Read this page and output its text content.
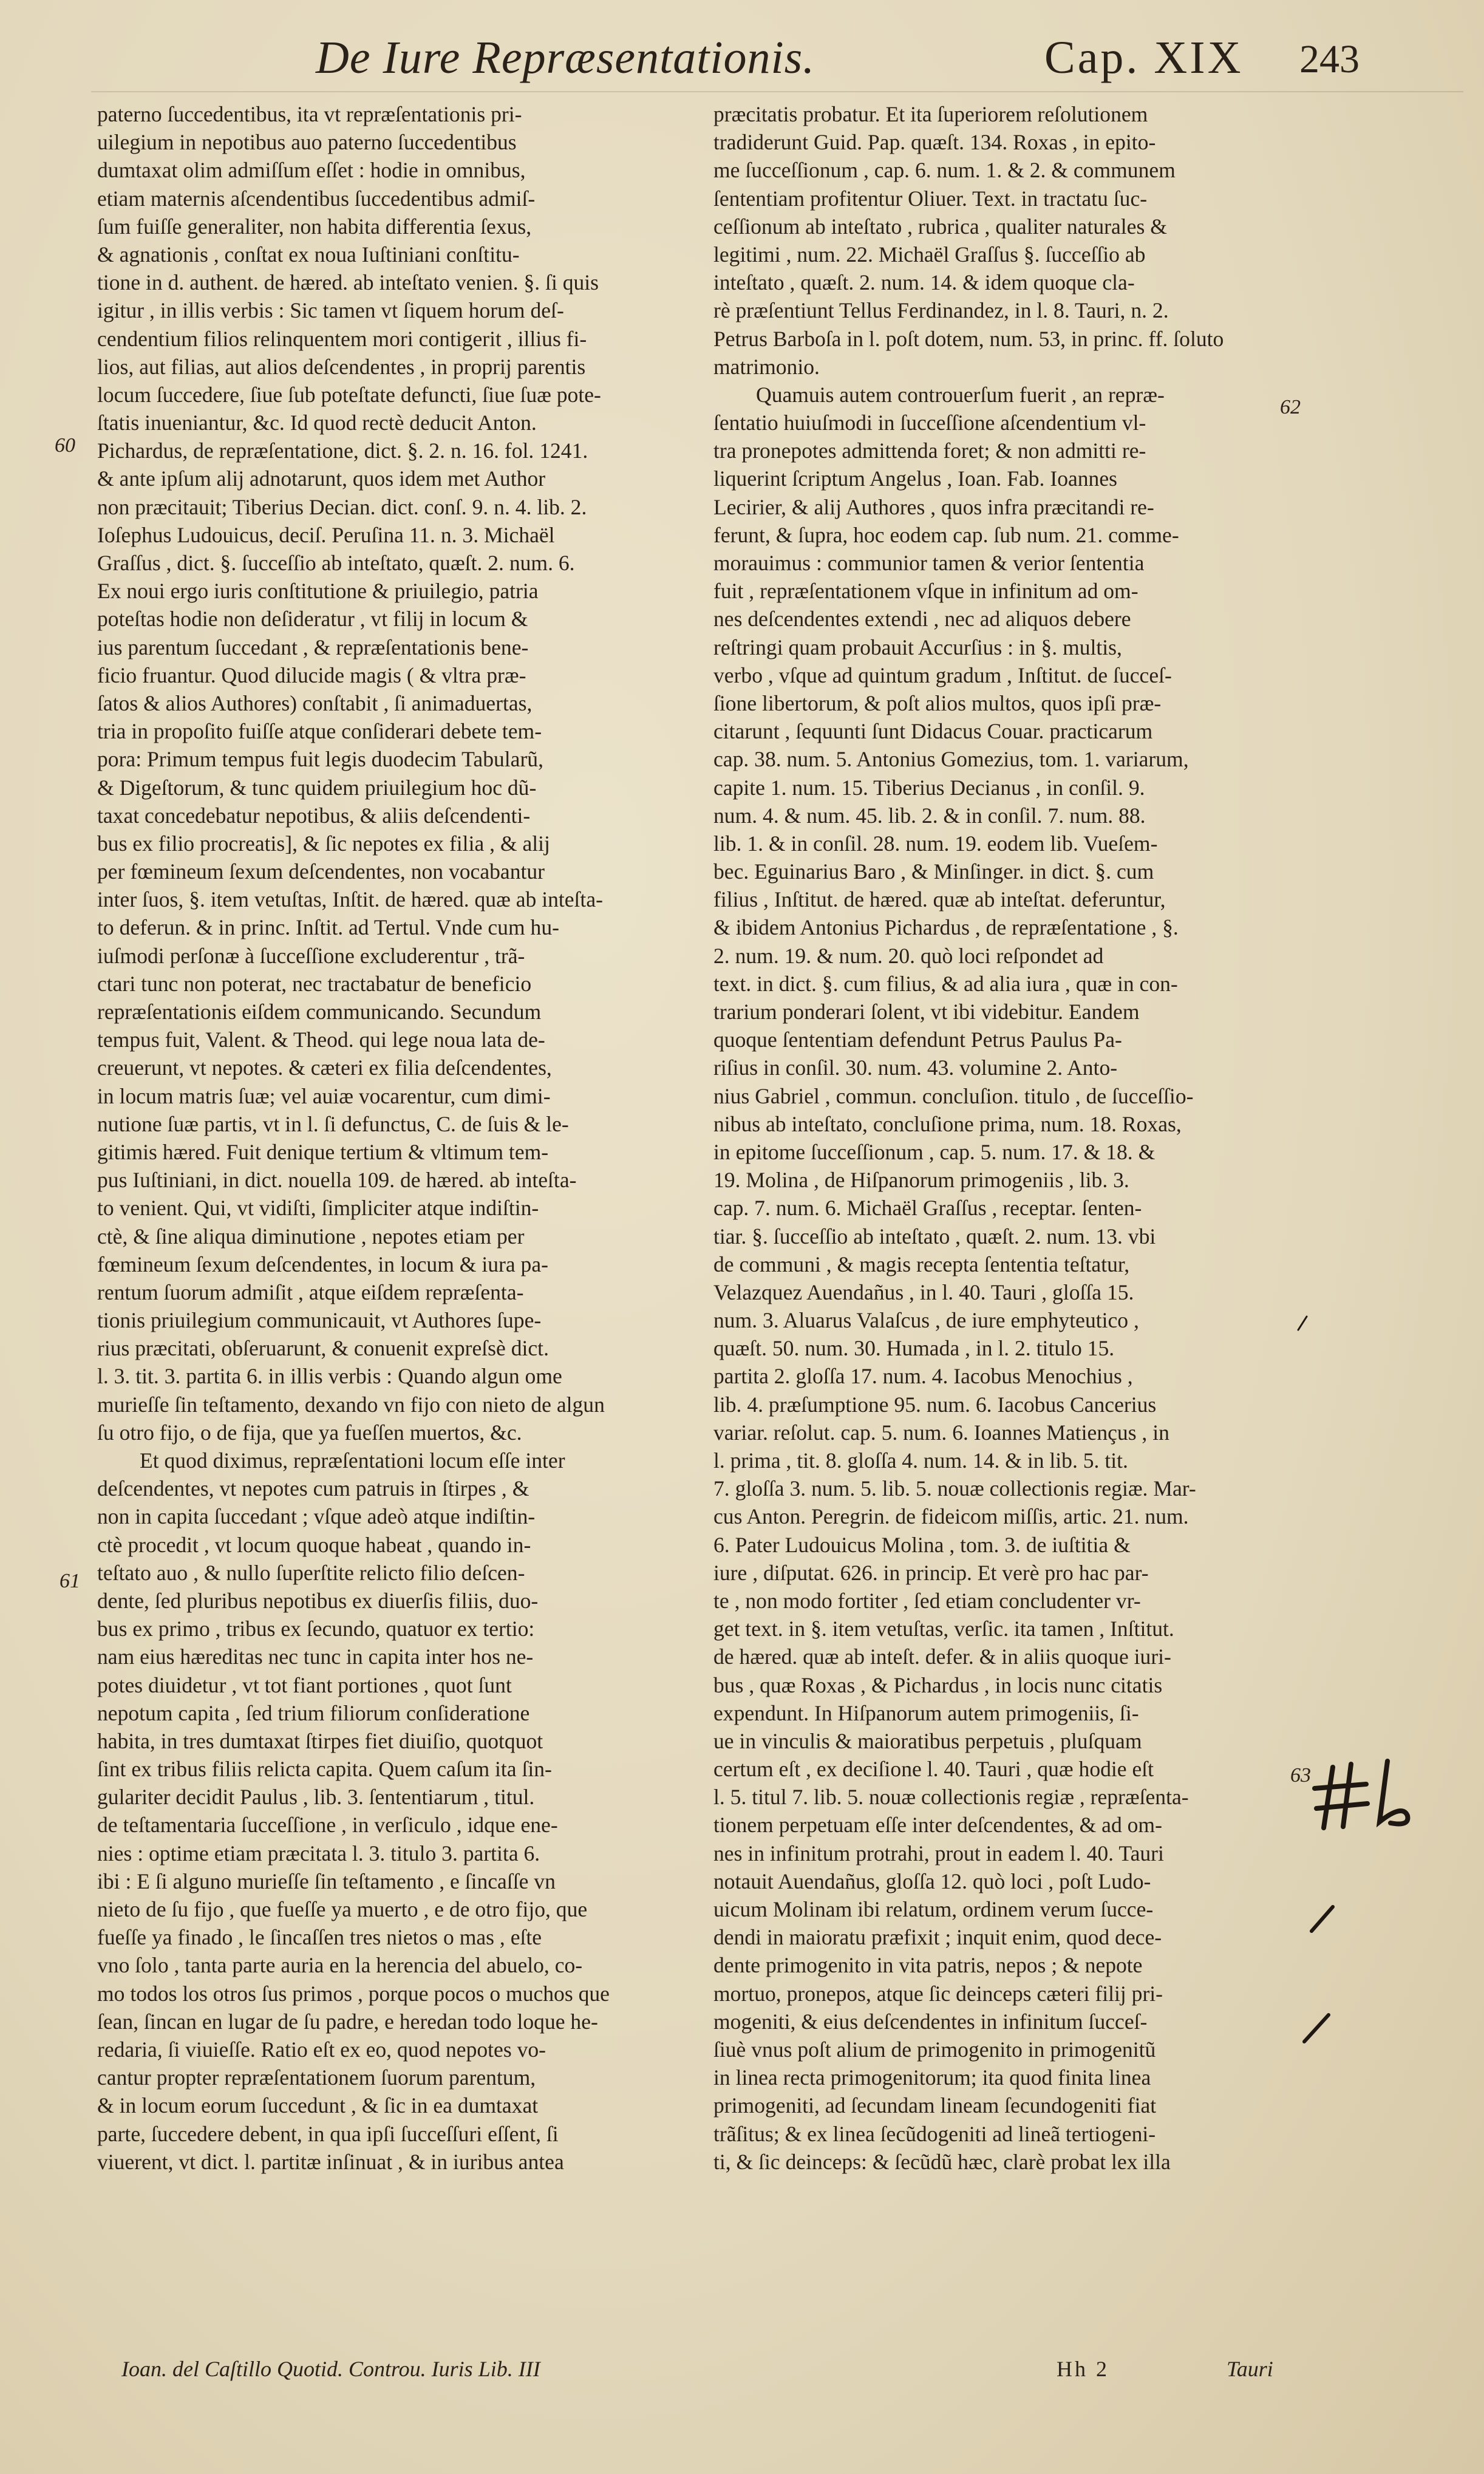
De Iure Repræsentationis.	Cap. XIX 243
paterno ſuccedentibus, ita vt repræſentationis pri-
uilegium in nepotibus auo paterno ſuccedentibus
dumtaxat olim admiſſum eſſet : hodie in omnibus,
etiam maternis aſcendentibus ſuccedentibus admiſ-
ſum fuiſſe generaliter, non habita differentia ſexus,
& agnationis , conſtat ex noua Iuſtiniani conſtitu-
tione in d. authent. de hæred. ab inteſtato venien. §. ſi quis
igitur , in illis verbis : Sic tamen vt ſiquem horum deſ-
cendentium filios relinquentem mori contigerit , illius fi-
lios, aut filias, aut alios deſcendentes , in proprij parentis
locum ſuccedere, ſiue ſub poteſtate defuncti, ſiue ſuæ pote-
ſtatis inueniantur, &c. Id quod rectè deducit Anton.
Pichardus, de repræſentatione, dict. §. 2. n. 16. fol. 1241.
& ante ipſum alij adnotarunt, quos idem met Author
non præcitauit; Tiberius Decian. dict. conſ. 9. n. 4. lib. 2.
Ioſephus Ludouicus, deciſ. Peruſina 11. n. 3. Michaël
Graſſus , dict. §. ſucceſſio ab inteſtato, quæſt. 2. num. 6.
Ex noui ergo iuris conſtitutione & priuilegio, patria
poteſtas hodie non deſideratur , vt filij in locum &
ius parentum ſuccedant , & repræſentationis bene-
ficio fruantur. Quod dilucide magis ( & vltra præ-
ſatos & alios Authores) conſtabit , ſi animaduertas,
tria in propoſito fuiſſe atque conſiderari debete tem-
pora: Primum tempus fuit legis duodecim Tabularũ,
& Digeſtorum, & tunc quidem priuilegium hoc dũ-
taxat concedebatur nepotibus, & aliis deſcendenti-
bus ex filio procreatis], & ſic nepotes ex filia , & alij
per fœmineum ſexum deſcendentes, non vocabantur
inter ſuos, §. item vetuſtas, Inſtit. de hæred. quæ ab inteſta-
to deferun. & in princ. Inſtit. ad Tertul. Vnde cum hu-
iuſmodi perſonæ à ſucceſſione excluderentur , trã-
ctari tunc non poterat, nec tractabatur de beneficio
repræſentationis eiſdem communicando. Secundum
tempus fuit, Valent. & Theod. qui lege noua lata de-
creuerunt, vt nepotes. & cæteri ex filia deſcendentes,
in locum matris ſuæ; vel auiæ vocarentur, cum dimi-
nutione ſuæ partis, vt in l. ſi defunctus, C. de ſuis & le-
gitimis hæred. Fuit denique tertium & vltimum tem-
pus Iuſtiniani, in dict. nouella 109. de hæred. ab inteſta-
to venient. Qui, vt vidiſti, ſimpliciter atque indiſtin-
ctè, & ſine aliqua diminutione , nepotes etiam per
fœmineum ſexum deſcendentes, in locum & iura pa-
rentum ſuorum admiſit , atque eiſdem repræſenta-
tionis priuilegium communicauit, vt Authores ſupe-
rius præcitati, obſeruarunt, & conuenit expreſsè dict.
l. 3. tit. 3. partita 6. in illis verbis : Quando algun ome
murieſſe ſin teſtamento, dexando vn fijo con nieto de algun
ſu otro fijo, o de fija, que ya fueſſen muertos, &c.
Et quod diximus, repræſentationi locum eſſe inter
deſcendentes, vt nepotes cum patruis in ſtirpes , &
non in capita ſuccedant ; vſque adeò atque indiſtin-
ctè procedit , vt locum quoque habeat , quando in-
teſtato auo , & nullo ſuperſtite relicto filio deſcen-
dente, ſed pluribus nepotibus ex diuerſis filiis, duo-
bus ex primo , tribus ex ſecundo, quatuor ex tertio:
nam eius hæreditas nec tunc in capita inter hos ne-
potes diuidetur , vt tot fiant portiones , quot ſunt
nepotum capita , ſed trium filiorum conſideratione
habita, in tres dumtaxat ſtirpes fiet diuiſio, quotquot
ſint ex tribus filiis relicta capita. Quem caſum ita ſin-
gulariter decidit Paulus , lib. 3. ſententiarum , titul.
de teſtamentaria ſucceſſione , in verſiculo , idque ene-
nies : optime etiam præcitata l. 3. titulo 3. partita 6.
ibi : E ſi alguno murieſſe ſin teſtamento , e ſincaſſe vn
nieto de ſu fijo , que fueſſe ya muerto , e de otro fijo, que
fueſſe ya finado , le ſincaſſen tres nietos o mas , eſte
vno ſolo , tanta parte auria en la herencia del abuelo, co-
mo todos los otros ſus primos , porque pocos o muchos que
ſean, ſincan en lugar de ſu padre, e heredan todo loque he-
redaria, ſi viuieſſe. Ratio eſt ex eo, quod nepotes vo-
cantur propter repræſentationem ſuorum parentum,
& in locum eorum ſuccedunt , & ſic in ea dumtaxat
parte, ſuccedere debent, in qua ipſi ſucceſſuri eſſent, ſi
viuerent, vt dict. l. partitæ inſinuat , & in iuribus antea
præcitatis probatur. Et ita ſuperiorem reſolutionem
tradiderunt Guid. Pap. quæſt. 134. Roxas , in epito-
me ſucceſſionum , cap. 6. num. 1. & 2. & communem
ſententiam profitentur Oliuer. Text. in tractatu ſuc-
ceſſionum ab inteſtato , rubrica , qualiter naturales &
legitimi , num. 22. Michaël Graſſus §. ſucceſſio ab
inteſtato , quæſt. 2. num. 14. & idem quoque cla-
rè præſentiunt Tellus Ferdinandez, in l. 8. Tauri, n. 2.
Petrus Barboſa in l. poſt dotem, num. 53, in princ. ff. ſoluto
matrimonio.
Quamuis autem controuerſum fuerit , an repræ-
ſentatio huiuſmodi in ſucceſſione aſcendentium vl-
tra pronepotes admittenda foret; & non admitti re-
liquerint ſcriptum Angelus , Ioan. Fab. Ioannes
Lecirier, & alij Authores , quos infra præcitandi re-
ferunt, & ſupra, hoc eodem cap. ſub num. 21. comme-
morauimus : communior tamen & verior ſententia
fuit , repræſentationem vſque in infinitum ad om-
nes deſcendentes extendi , nec ad aliquos debere
reſtringi quam probauit Accurſius : in §. multis,
verbo , vſque ad quintum gradum , Inſtitut. de ſucceſ-
ſione libertorum, & poſt alios multos, quos ipſi præ-
citarunt , ſequunti ſunt Didacus Couar. practicarum
cap. 38. num. 5. Antonius Gomezius, tom. 1. variarum,
capite 1. num. 15. Tiberius Decianus , in conſil. 9.
num. 4. & num. 45. lib. 2. & in conſil. 7. num. 88.
lib. 1. & in conſil. 28. num. 19. eodem lib. Vueſem-
bec. Eguinarius Baro , & Minſinger. in dict. §. cum
filius , Inſtitut. de hæred. quæ ab inteſtat. deferuntur,
& ibidem Antonius Pichardus , de repræſentatione , §.
2. num. 19. & num. 20. quò loci reſpondet ad
text. in dict. §. cum filius, & ad alia iura , quæ in con-
trarium ponderari ſolent, vt ibi videbitur. Eandem
quoque ſententiam defendunt Petrus Paulus Pa-
riſius in conſil. 30. num. 43. volumine 2. Anto-
nius Gabriel , commun. concluſion. titulo , de ſucceſſio-
nibus ab inteſtato, concluſione prima, num. 18. Roxas,
in epitome ſucceſſionum , cap. 5. num. 17. & 18. &
19. Molina , de Hiſpanorum primogeniis , lib. 3.
cap. 7. num. 6. Michaël Graſſus , receptar. ſenten-
tiar. §. ſucceſſio ab inteſtato , quæſt. 2. num. 13. vbi
de communi , & magis recepta ſententia teſtatur,
Velazquez Auendañus , in l. 40. Tauri , gloſſa 15.
num. 3. Aluarus Valaſcus , de iure emphyteutico ,
quæſt. 50. num. 30. Humada , in l. 2. titulo 15.
partita 2. gloſſa 17. num. 4. Iacobus Menochius ,
lib. 4. præſumptione 95. num. 6. Iacobus Cancerius
variar. reſolut. cap. 5. num. 6. Ioannes Matiençus , in
l. prima , tit. 8. gloſſa 4. num. 14. & in lib. 5. tit.
7. gloſſa 3. num. 5. lib. 5. nouæ collectionis regiæ. Mar-
cus Anton. Peregrin. de fideicom miſſis, artic. 21. num.
6. Pater Ludouicus Molina , tom. 3. de iuſtitia &
iure , diſputat. 626. in princip. Et verè pro hac par-
te , non modo fortiter , ſed etiam concludenter vr-
get text. in §. item vetuſtas, verſic. ita tamen , Inſtitut.
de hæred. quæ ab inteſt. defer. & in aliis quoque iuri-
bus , quæ Roxas , & Pichardus , in locis nunc citatis
expendunt. In Hiſpanorum autem primogeniis, ſi-
ue in vinculis & maioratibus perpetuis , pluſquam
certum eſt , ex deciſione l. 40. Tauri , quæ hodie eſt
l. 5. titul 7. lib. 5. nouæ collectionis regiæ , repræſenta-
tionem perpetuam eſſe inter deſcendentes, & ad om-
nes in infinitum protrahi, prout in eadem l. 40. Tauri
notauit Auendañus, gloſſa 12. quò loci , poſt Ludo-
uicum Molinam ibi relatum, ordinem verum ſucce-
dendi in maioratu præfixit ; inquit enim, quod dece-
dente primogenito in vita patris, nepos ; & nepote
mortuo, pronepos, atque ſic deinceps cæteri filij pri-
mogeniti, & eius deſcendentes in infinitum ſucceſ-
ſiuè vnus poſt alium de primogenito in primogenitũ
in linea recta primogenitorum; ita quod finita linea
primogeniti, ad ſecundam lineam ſecundogeniti fiat
trãſitus; & ex linea ſecũdogeniti ad lineã tertiogeni-
ti, & ſic deinceps: & ſecũdũ hæc, clarè probat lex illa
60
61
62
63
Ioan. del Caſtillo Quotid. Controu. Iuris Lib. III	Hh 2	Tauri
#b
